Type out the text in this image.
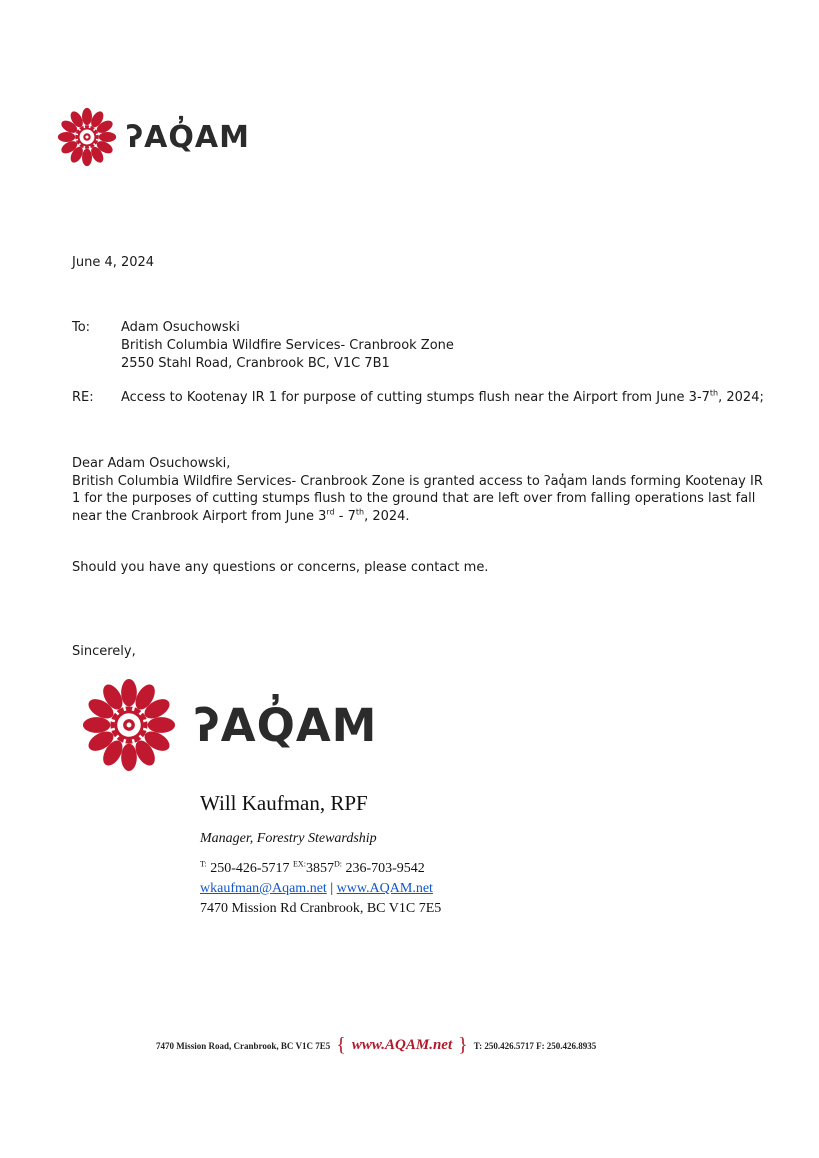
ʔAQ̓AM
June 4, 2024
To: Adam Osuchowski
British Columbia Wildfire Services- Cranbrook Zone
2550 Stahl Road, Cranbrook BC, V1C 7B1
RE: Access to Kootenay IR 1 for purpose of cutting stumps flush near the Airport from June 3-7th, 2024;
Dear Adam Osuchowski,
British Columbia Wildfire Services- Cranbrook Zone is granted access to ʔaq̓am lands forming Kootenay IR
1 for the purposes of cutting stumps flush to the ground that are left over from falling operations last fall
near the Cranbrook Airport from June 3rd - 7th, 2024.
Should you have any questions or concerns, please contact me.
Sincerely,
ʔAQ̓AM
Will Kaufman, RPF
Manager, Forestry Stewardship
$^{T:}$ 250-426-5717 $^{EX:}3857^{D:}$ 236-703-9542
wkaufman@Aqam.net | www.AQAM.net
7470 Mission Rd Cranbrook, BC V1C 7E5
7470 Mission Road, Cranbrook, BC V1C 7E5 { www.AQAM.net } T: 250.426.5717 F: 250.426.8935
